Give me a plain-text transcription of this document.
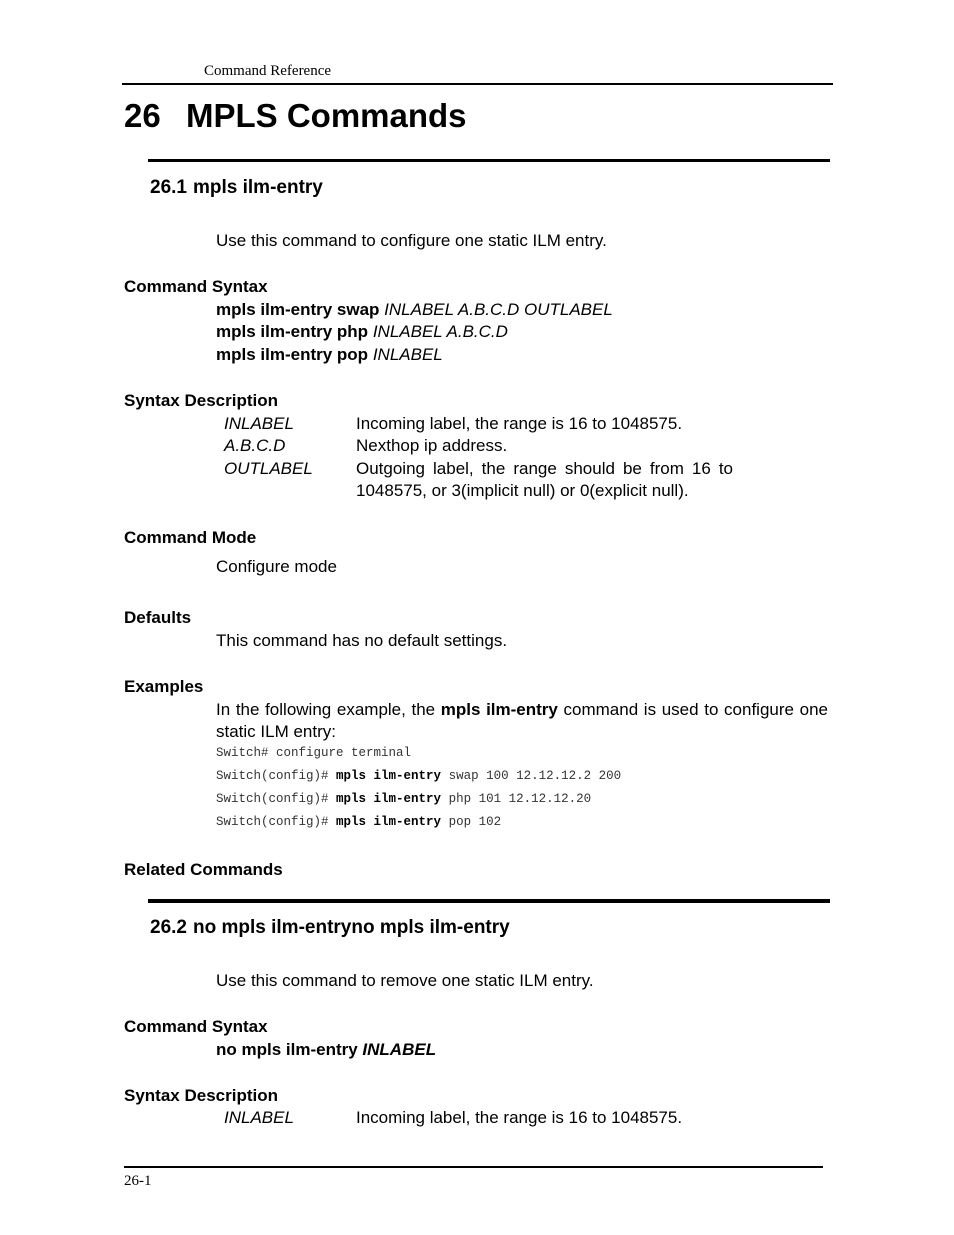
Command Reference
26 MPLS Commands
26.1 mpls ilm-entry
Use this command to configure one static ILM entry.
Command Syntax
mpls ilm-entry swap INLABEL A.B.C.D OUTLABEL
mpls ilm-entry php INLABEL A.B.C.D
mpls ilm-entry pop INLABEL
Syntax Description
INLABEL	Incoming label, the range is 16 to 1048575.
A.B.C.D	Nexthop ip address.
OUTLABEL	Outgoing label, the range should be from 16 to 1048575, or 3(implicit null) or 0(explicit null).
Command Mode
Configure mode
Defaults
This command has no default settings.
Examples
In the following example, the mpls ilm-entry command is used to configure one static ILM entry:
Switch# configure terminal
Switch(config)# mpls ilm-entry swap 100 12.12.12.2 200
Switch(config)# mpls ilm-entry php 101 12.12.12.20
Switch(config)# mpls ilm-entry pop 102
Related Commands
26.2 no mpls ilm-entryno mpls ilm-entry
Use this command to remove one static ILM entry.
Command Syntax
no mpls ilm-entry INLABEL
Syntax Description
INLABEL	Incoming label, the range is 16 to 1048575.
26-1
